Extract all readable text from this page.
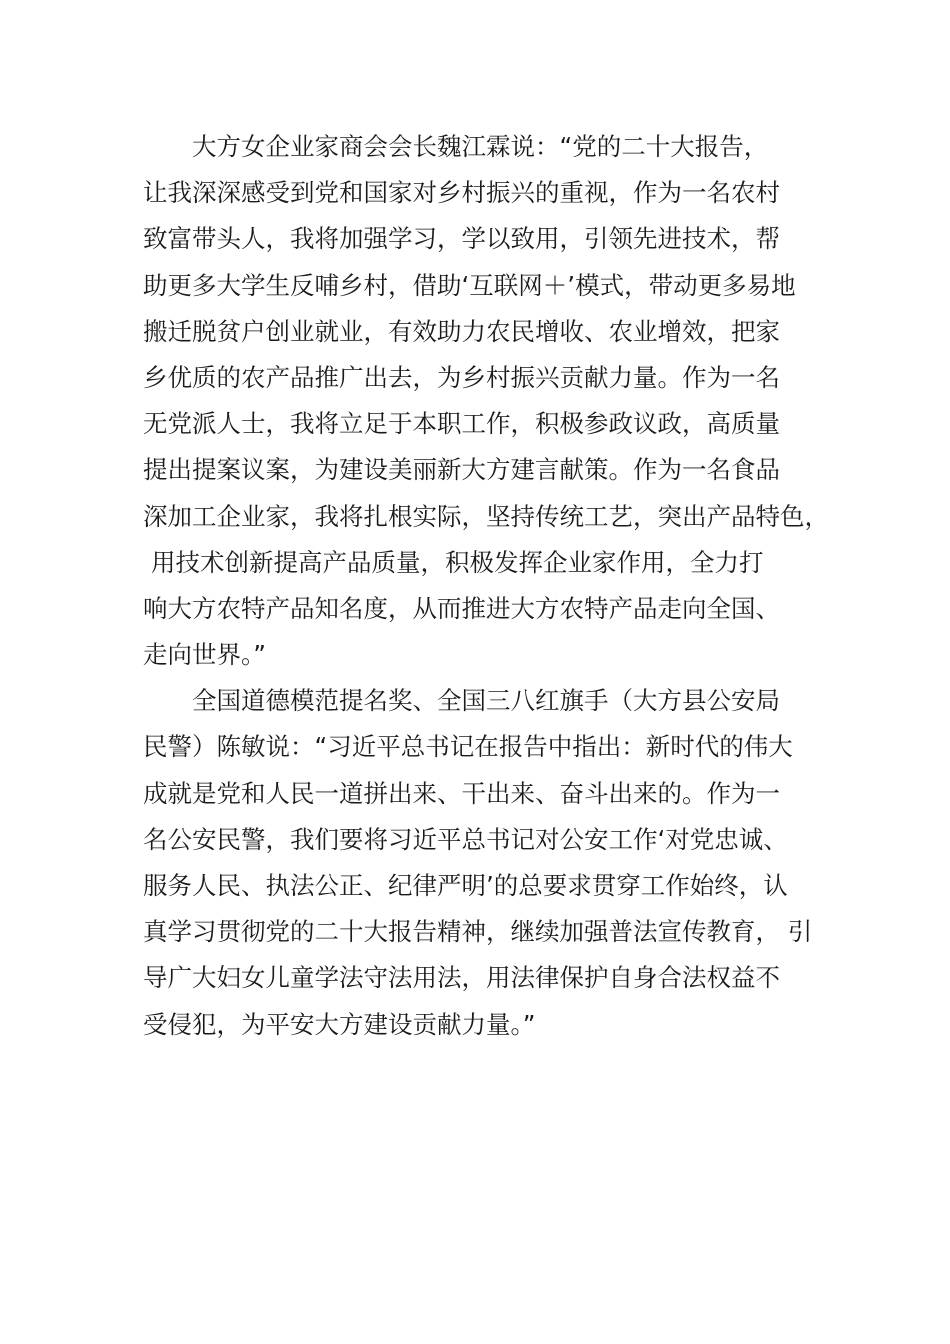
大方女企业家商会会长魏江霖说：“党的二十大报告，
让我深深感受到党和国家对乡村振兴的重视，作为一名农村
致富带头人，我将加强学习，学以致用，引领先进技术，帮
助更多大学生反哺乡村，借助‘互联网＋’模式，带动更多易地
搬迁脱贫户创业就业，有效助力农民增收、农业增效，把家
乡优质的农产品推广出去，为乡村振兴贡献力量。作为一名
无党派人士，我将立足于本职工作，积极参政议政，高质量
提出提案议案，为建设美丽新大方建言献策。作为一名食品
深加工企业家，我将扎根实际，坚持传统工艺，突出产品特色，
用技术创新提高产品质量，积极发挥企业家作用，全力打
响大方农特产品知名度，从而推进大方农特产品走向全国、
走向世界。”

全国道德模范提名奖、全国三八红旗手（大方县公安局
民警）陈敏说：“习近平总书记在报告中指出：新时代的伟大
成就是党和人民一道拼出来、干出来、奋斗出来的。作为一
名公安民警，我们要将习近平总书记对公安工作‘对党忠诚、
服务人民、执法公正、纪律严明’的总要求贯穿工作始终，认
真学习贯彻党的二十大报告精神，继续加强普法宣传教育， 引
导广大妇女儿童学法守法用法，用法律保护自身合法权益不
受侵犯，为平安大方建设贡献力量。”
